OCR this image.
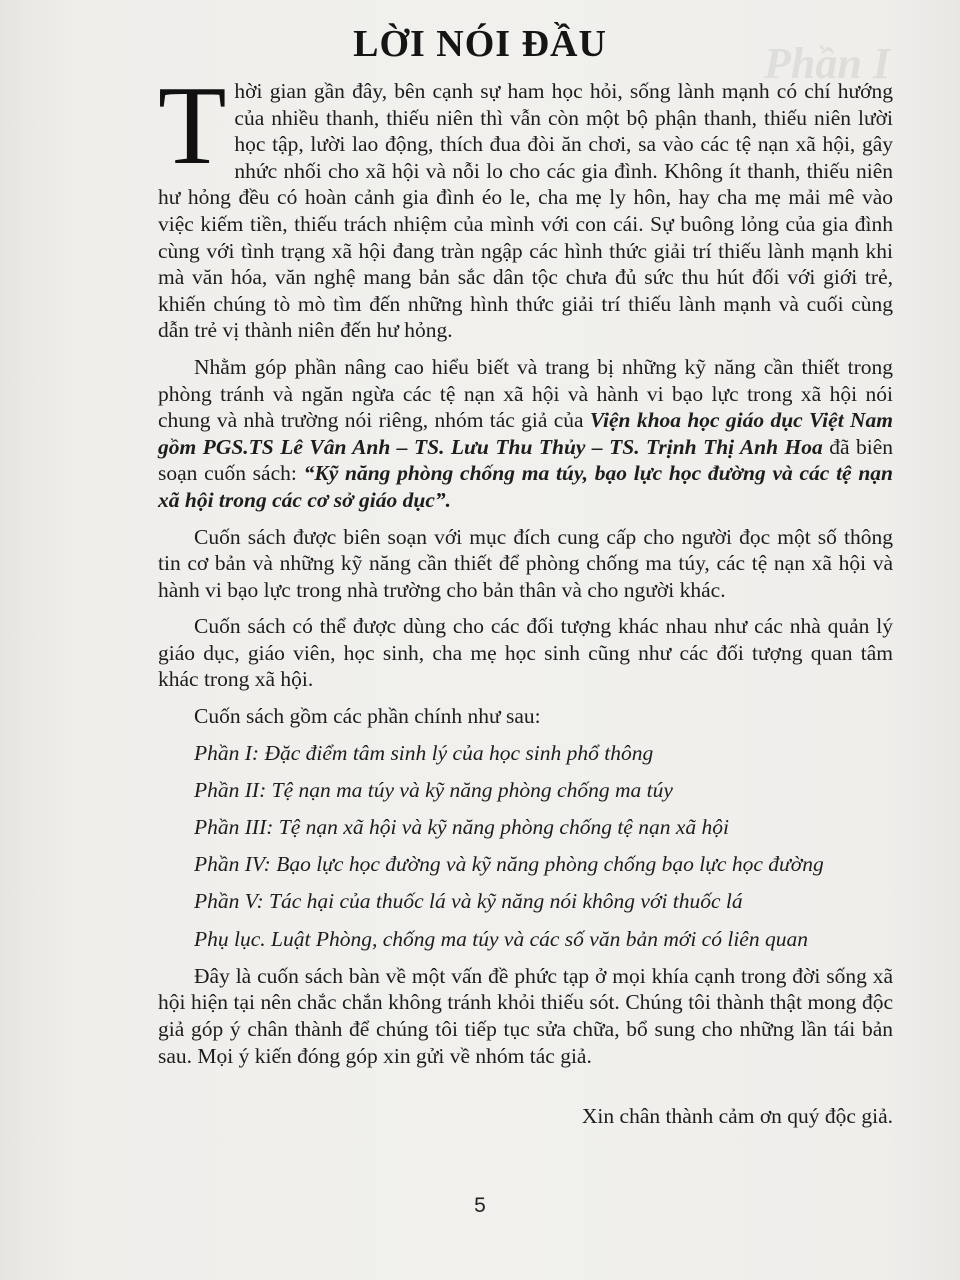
Phần I
LỜI NÓI ĐẦU

Thời gian gần đây, bên cạnh sự ham học hỏi, sống lành mạnh có chí hướng của nhiều thanh, thiếu niên thì vẫn còn một bộ phận thanh, thiếu niên lười học tập, lười lao động, thích đua đòi ăn chơi, sa vào các tệ nạn xã hội, gây nhức nhối cho xã hội và nỗi lo cho các gia đình. Không ít thanh, thiếu niên hư hỏng đều có hoàn cảnh gia đình éo le, cha mẹ ly hôn, hay cha mẹ mải mê vào việc kiếm tiền, thiếu trách nhiệm của mình với con cái. Sự buông lỏng của gia đình cùng với tình trạng xã hội đang tràn ngập các hình thức giải trí thiếu lành mạnh khi mà văn hóa, văn nghệ mang bản sắc dân tộc chưa đủ sức thu hút đối với giới trẻ, khiến chúng tò mò tìm đến những hình thức giải trí thiếu lành mạnh và cuối cùng dẫn trẻ vị thành niên đến hư hỏng.

Nhằm góp phần nâng cao hiểu biết và trang bị những kỹ năng cần thiết trong phòng tránh và ngăn ngừa các tệ nạn xã hội và hành vi bạo lực trong xã hội nói chung và nhà trường nói riêng, nhóm tác giả của Viện khoa học giáo dục Việt Nam gồm PGS.TS Lê Vân Anh – TS. Lưu Thu Thủy – TS. Trịnh Thị Anh Hoa đã biên soạn cuốn sách: “Kỹ năng phòng chống ma túy, bạo lực học đường và các tệ nạn xã hội trong các cơ sở giáo dục”.

Cuốn sách được biên soạn với mục đích cung cấp cho người đọc một số thông tin cơ bản và những kỹ năng cần thiết để phòng chống ma túy, các tệ nạn xã hội và hành vi bạo lực trong nhà trường cho bản thân và cho người khác.

Cuốn sách có thể được dùng cho các đối tượng khác nhau như các nhà quản lý giáo dục, giáo viên, học sinh, cha mẹ học sinh cũng như các đối tượng quan tâm khác trong xã hội.

Cuốn sách gồm các phần chính như sau:

Phần I: Đặc điểm tâm sinh lý của học sinh phổ thông
Phần II: Tệ nạn ma túy và kỹ năng phòng chống ma túy
Phần III: Tệ nạn xã hội và kỹ năng phòng chống tệ nạn xã hội
Phần IV: Bạo lực học đường và kỹ năng phòng chống bạo lực học đường
Phần V: Tác hại của thuốc lá và kỹ năng nói không với thuốc lá
Phụ lục. Luật Phòng, chống ma túy và các số văn bản mới có liên quan

Đây là cuốn sách bàn về một vấn đề phức tạp ở mọi khía cạnh trong đời sống xã hội hiện tại nên chắc chắn không tránh khỏi thiếu sót. Chúng tôi thành thật mong độc giả góp ý chân thành để chúng tôi tiếp tục sửa chữa, bổ sung cho những lần tái bản sau. Mọi ý kiến đóng góp xin gửi về nhóm tác giả.

Xin chân thành cảm ơn quý độc giả.

5
